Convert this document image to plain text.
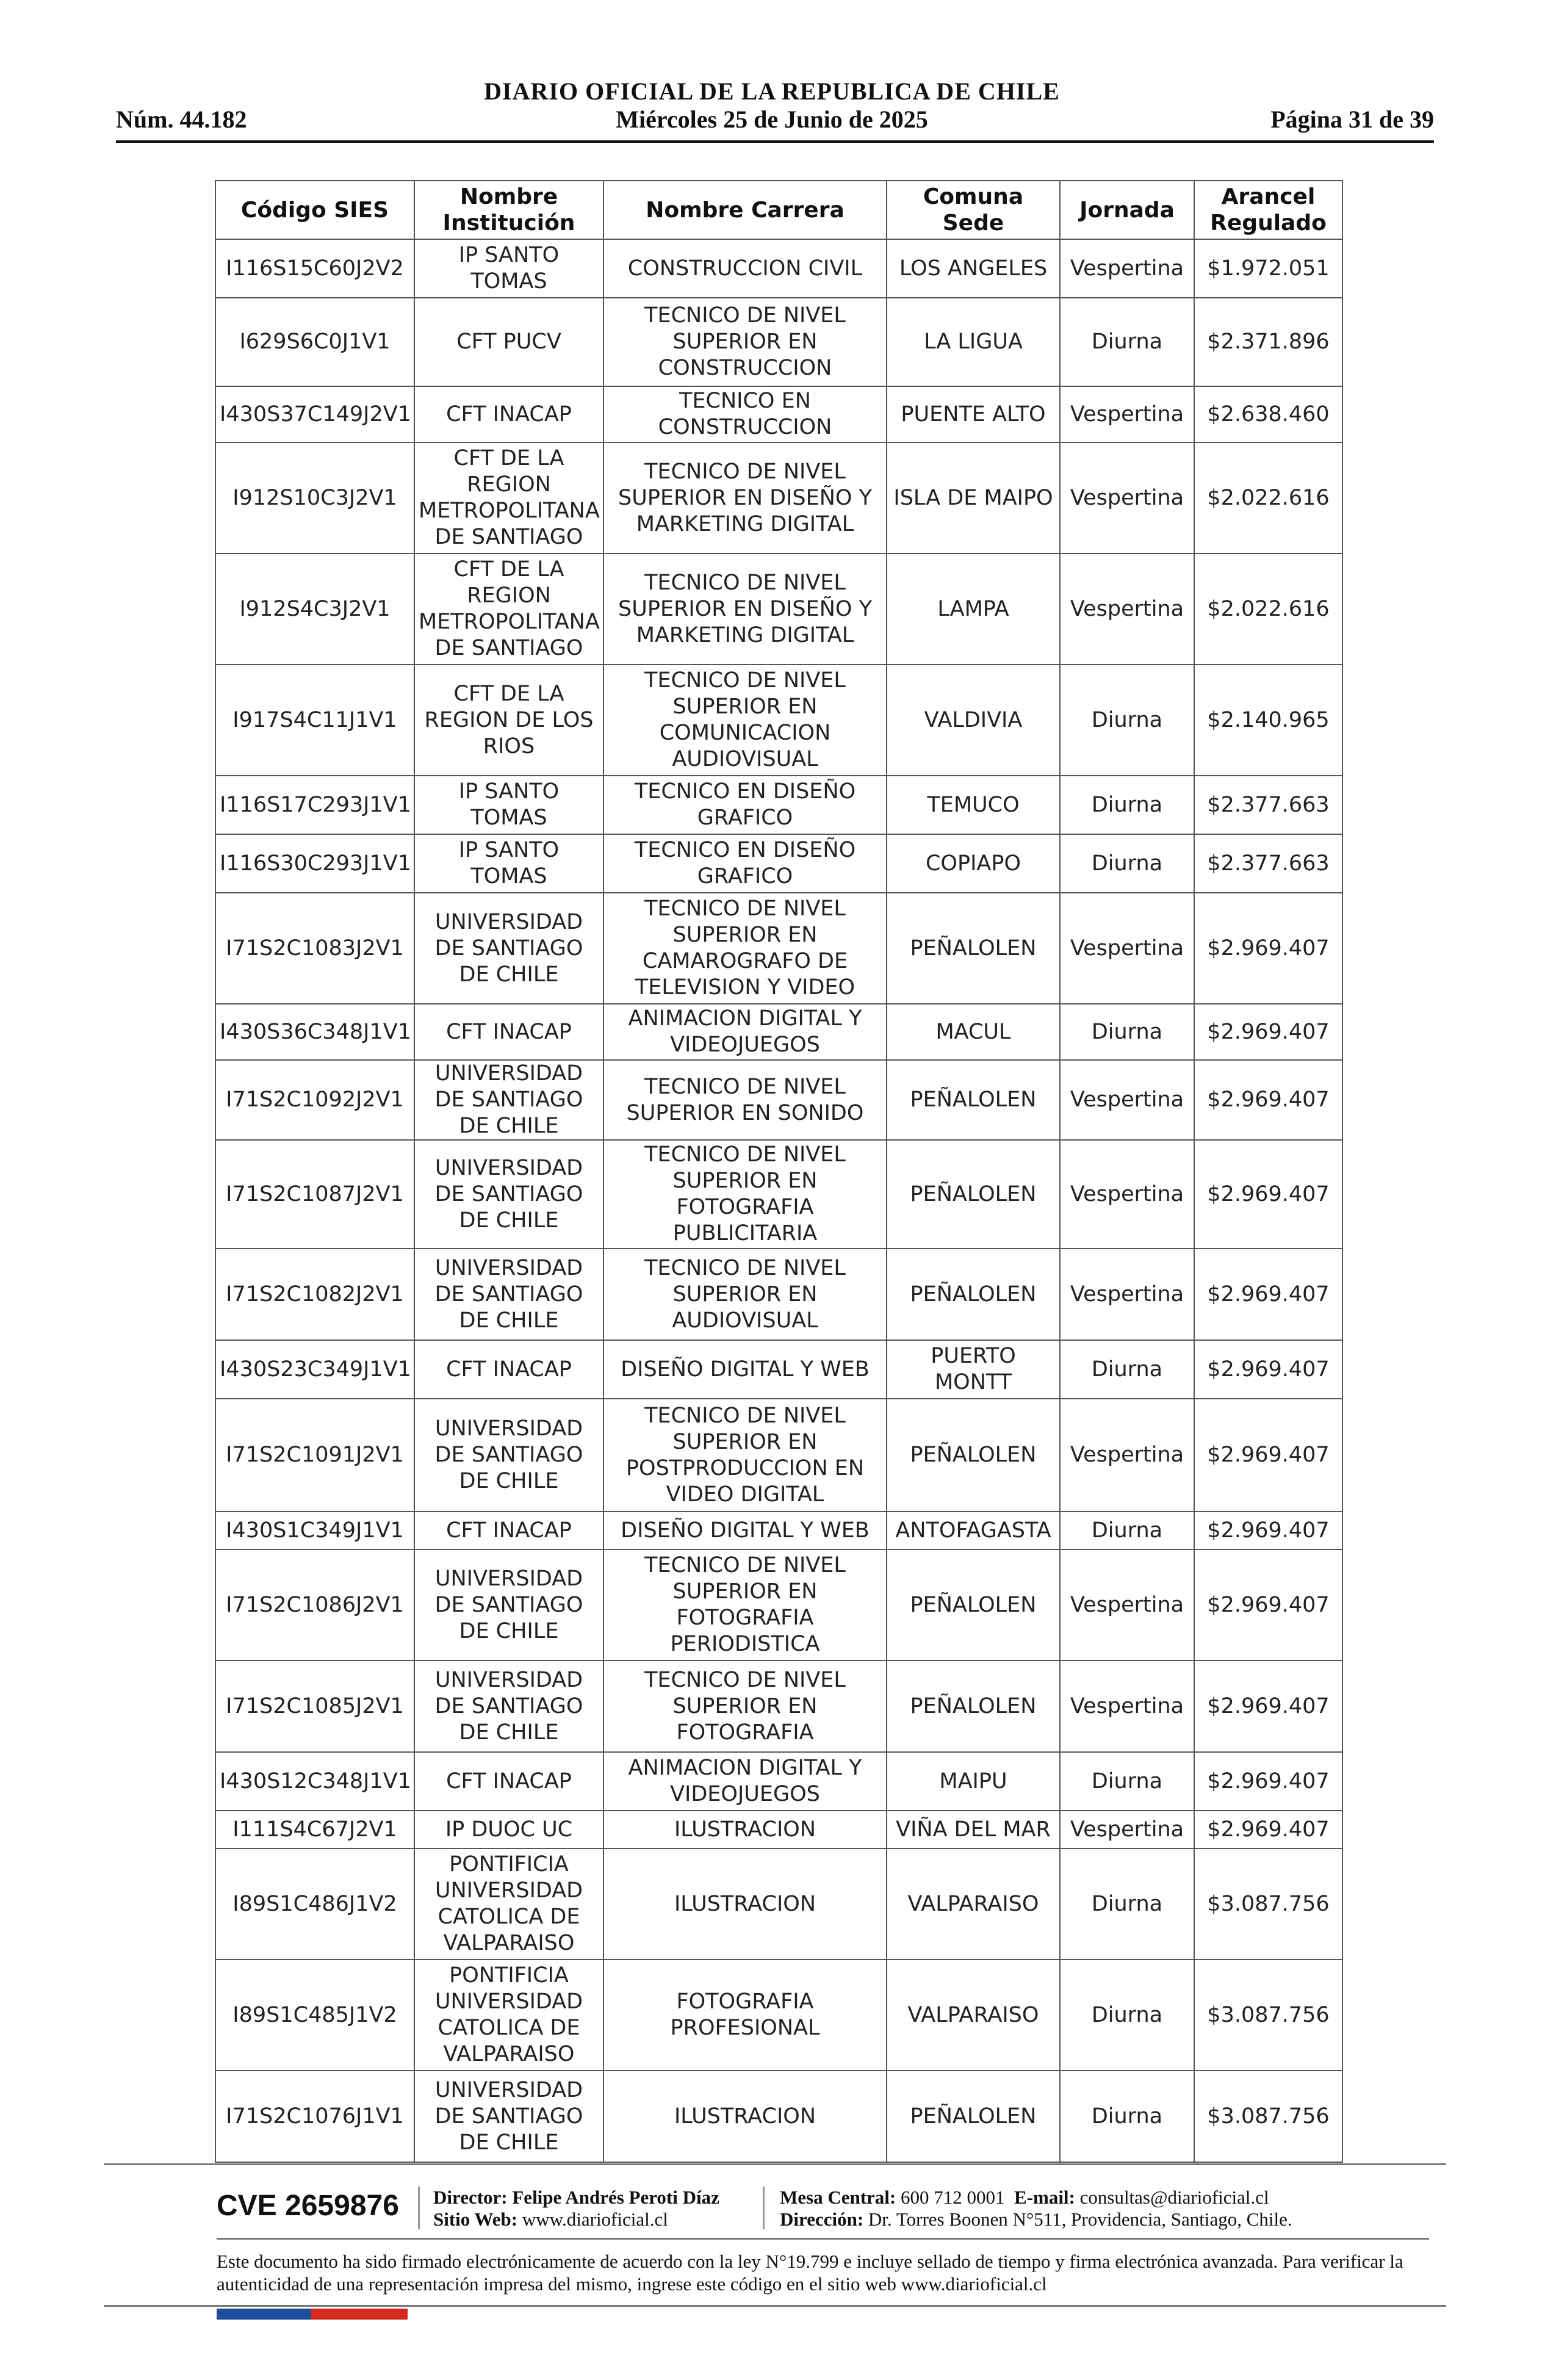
DIARIO OFICIAL DE LA REPUBLICA DE CHILE
Núm. 44.182	Miércoles 25 de Junio de 2025	Página 31 de 39
Código SIES	Nombre Institución	Nombre Carrera	Comuna Sede	Jornada	Arancel Regulado
I116S15C60J2V2	IP SANTO TOMAS	CONSTRUCCION CIVIL	LOS ANGELES	Vespertina	$1.972.051
I629S6C0J1V1	CFT PUCV	TECNICO DE NIVEL SUPERIOR EN CONSTRUCCION	LA LIGUA	Diurna	$2.371.896
I430S37C149J2V1	CFT INACAP	TECNICO EN CONSTRUCCION	PUENTE ALTO	Vespertina	$2.638.460
I912S10C3J2V1	CFT DE LA REGION METROPOLITANA DE SANTIAGO	TECNICO DE NIVEL SUPERIOR EN DISEÑO Y MARKETING DIGITAL	ISLA DE MAIPO	Vespertina	$2.022.616
I912S4C3J2V1	CFT DE LA REGION METROPOLITANA DE SANTIAGO	TECNICO DE NIVEL SUPERIOR EN DISEÑO Y MARKETING DIGITAL	LAMPA	Vespertina	$2.022.616
I917S4C11J1V1	CFT DE LA REGION DE LOS RIOS	TECNICO DE NIVEL SUPERIOR EN COMUNICACION AUDIOVISUAL	VALDIVIA	Diurna	$2.140.965
I116S17C293J1V1	IP SANTO TOMAS	TECNICO EN DISEÑO GRAFICO	TEMUCO	Diurna	$2.377.663
I116S30C293J1V1	IP SANTO TOMAS	TECNICO EN DISEÑO GRAFICO	COPIAPO	Diurna	$2.377.663
I71S2C1083J2V1	UNIVERSIDAD DE SANTIAGO DE CHILE	TECNICO DE NIVEL SUPERIOR EN CAMAROGRAFO DE TELEVISION Y VIDEO	PEÑALOLEN	Vespertina	$2.969.407
I430S36C348J1V1	CFT INACAP	ANIMACION DIGITAL Y VIDEOJUEGOS	MACUL	Diurna	$2.969.407
I71S2C1092J2V1	UNIVERSIDAD DE SANTIAGO DE CHILE	TECNICO DE NIVEL SUPERIOR EN SONIDO	PEÑALOLEN	Vespertina	$2.969.407
I71S2C1087J2V1	UNIVERSIDAD DE SANTIAGO DE CHILE	TECNICO DE NIVEL SUPERIOR EN FOTOGRAFIA PUBLICITARIA	PEÑALOLEN	Vespertina	$2.969.407
I71S2C1082J2V1	UNIVERSIDAD DE SANTIAGO DE CHILE	TECNICO DE NIVEL SUPERIOR EN AUDIOVISUAL	PEÑALOLEN	Vespertina	$2.969.407
I430S23C349J1V1	CFT INACAP	DISEÑO DIGITAL Y WEB	PUERTO MONTT	Diurna	$2.969.407
I71S2C1091J2V1	UNIVERSIDAD DE SANTIAGO DE CHILE	TECNICO DE NIVEL SUPERIOR EN POSTPRODUCCION EN VIDEO DIGITAL	PEÑALOLEN	Vespertina	$2.969.407
I430S1C349J1V1	CFT INACAP	DISEÑO DIGITAL Y WEB	ANTOFAGASTA	Diurna	$2.969.407
I71S2C1086J2V1	UNIVERSIDAD DE SANTIAGO DE CHILE	TECNICO DE NIVEL SUPERIOR EN FOTOGRAFIA PERIODISTICA	PEÑALOLEN	Vespertina	$2.969.407
I71S2C1085J2V1	UNIVERSIDAD DE SANTIAGO DE CHILE	TECNICO DE NIVEL SUPERIOR EN FOTOGRAFIA	PEÑALOLEN	Vespertina	$2.969.407
I430S12C348J1V1	CFT INACAP	ANIMACION DIGITAL Y VIDEOJUEGOS	MAIPU	Diurna	$2.969.407
I111S4C67J2V1	IP DUOC UC	ILUSTRACION	VIÑA DEL MAR	Vespertina	$2.969.407
I89S1C486J1V2	PONTIFICIA UNIVERSIDAD CATOLICA DE VALPARAISO	ILUSTRACION	VALPARAISO	Diurna	$3.087.756
I89S1C485J1V2	PONTIFICIA UNIVERSIDAD CATOLICA DE VALPARAISO	FOTOGRAFIA PROFESIONAL	VALPARAISO	Diurna	$3.087.756
I71S2C1076J1V1	UNIVERSIDAD DE SANTIAGO DE CHILE	ILUSTRACION	PEÑALOLEN	Diurna	$3.087.756
CVE 2659876 Director: Felipe Andrés Peroti Díaz
Sitio Web: www.diarioficial.cl
Mesa Central: 600 712 0001 E-mail: consultas@diarioficial.cl
Dirección: Dr. Torres Boonen N°511, Providencia, Santiago, Chile.
Este documento ha sido firmado electrónicamente de acuerdo con la ley N°19.799 e incluye sellado de tiempo y firma electrónica avanzada. Para verificar la autenticidad de una representación impresa del mismo, ingrese este código en el sitio web www.diarioficial.cl
